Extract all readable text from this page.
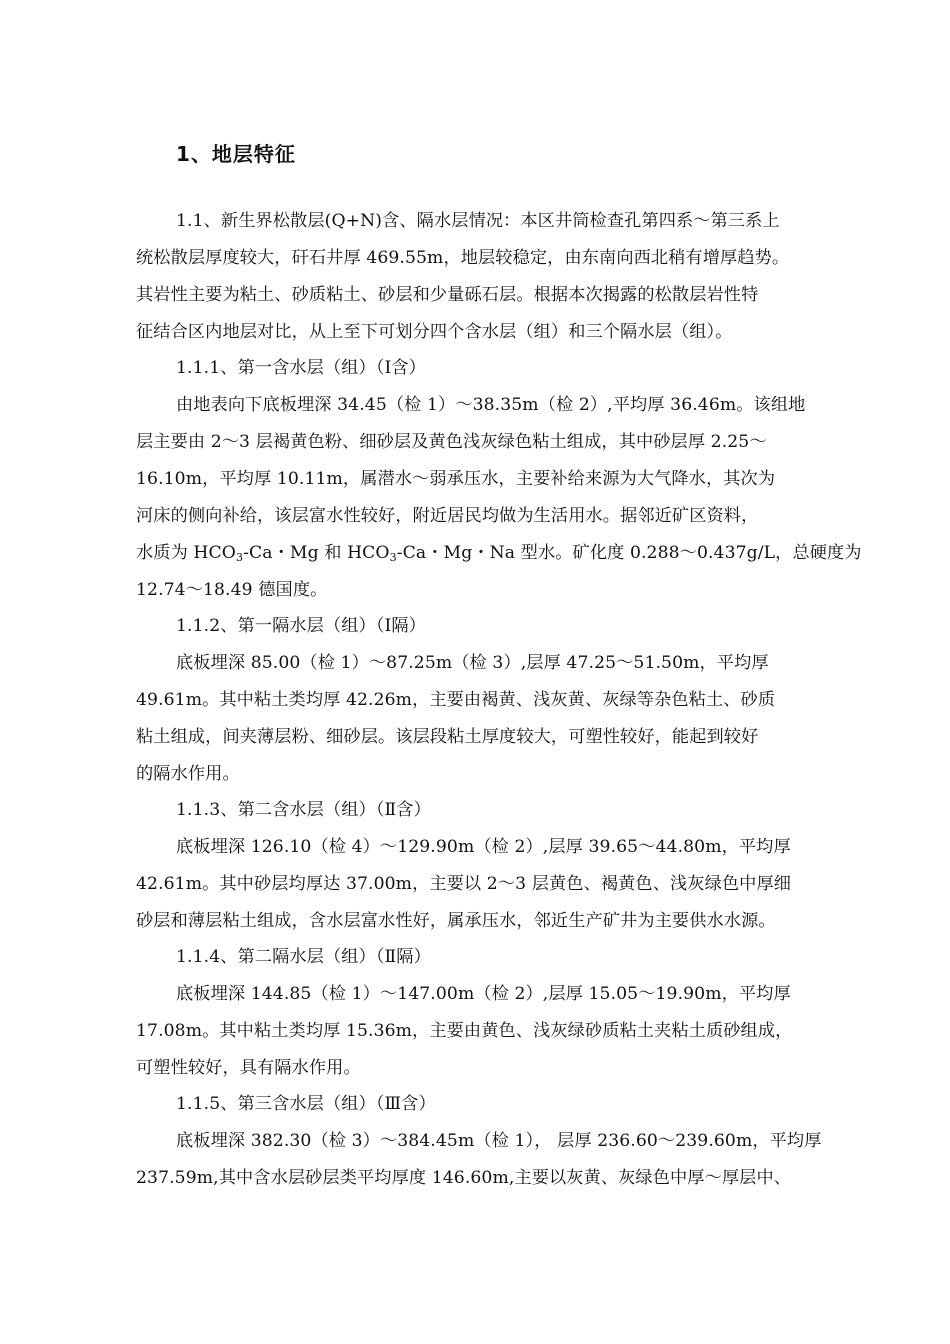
1、地层特征
1.1、新生界松散层(Q+N)含、隔水层情况：本区井筒检查孔第四系～第三系上
统松散层厚度较大，矸石井厚 469.55m，地层较稳定，由东南向西北稍有增厚趋势。
其岩性主要为粘土、砂质粘土、砂层和少量砾石层。根据本次揭露的松散层岩性特
征结合区内地层对比，从上至下可划分四个含水层（组）和三个隔水层（组）。
1.1.1、第一含水层（组）（Ⅰ含）
由地表向下底板埋深 34.45（检 1）～38.35m（检 2）,平均厚 36.46m。该组地
层主要由 2～3 层褐黄色粉、细砂层及黄色浅灰绿色粘土组成，其中砂层厚 2.25～
16.10m，平均厚 10.11m，属潜水～弱承压水，主要补给来源为大气降水，其次为
河床的侧向补给，该层富水性较好，附近居民均做为生活用水。据邻近矿区资料，
水质为 $HCO_3-Ca$・Mg 和 $HCO_3-Ca$・Mg・Na 型水。矿化度 0.288～0.437g/L，总硬度为
12.74～18.49 德国度。
1.1.2、第一隔水层（组）（Ⅰ隔）
底板埋深 85.00（检 1）～87.25m（检 3）,层厚 47.25～51.50m，平均厚
49.61m。其中粘土类均厚 42.26m，主要由褐黄、浅灰黄、灰绿等杂色粘土、砂质
粘土组成，间夹薄层粉、细砂层。该层段粘土厚度较大，可塑性较好，能起到较好
的隔水作用。
1.1.3、第二含水层（组）（Ⅱ含）
底板埋深 126.10（检 4）～129.90m（检 2）,层厚 39.65～44.80m，平均厚
42.61m。其中砂层均厚达 37.00m，主要以 2～3 层黄色、褐黄色、浅灰绿色中厚细
砂层和薄层粘土组成，含水层富水性好，属承压水，邻近生产矿井为主要供水水源。
1.1.4、第二隔水层（组）（Ⅱ隔）
底板埋深 144.85（检 1）～147.00m（检 2）,层厚 15.05～19.90m，平均厚
17.08m。其中粘土类均厚 15.36m，主要由黄色、浅灰绿砂质粘土夹粘土质砂组成，
可塑性较好，具有隔水作用。
1.1.5、第三含水层（组）（Ⅲ含）
底板埋深 382.30（检 3）～384.45m（检 1）， 层厚 236.60～239.60m，平均厚
237.59m,其中含水层砂层类平均厚度 146.60m,主要以灰黄、灰绿色中厚～厚层中、
